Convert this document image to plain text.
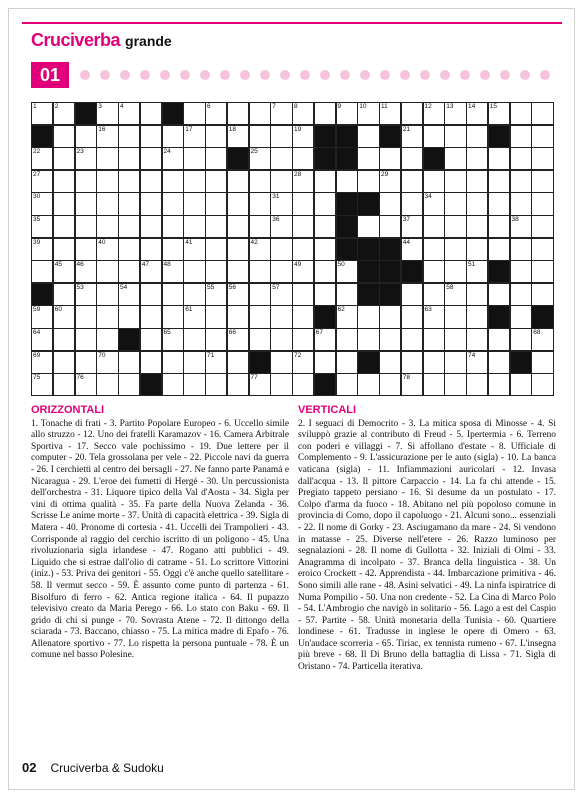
Cruciverba grande
01
1	2	3	4	6	7	8	9	10 11	12 13 14 15
16	17	18	19	21
22	23	24	25
27	28	29
30	31	34
35	36	37	38
39	40	41	42	44
45 46	47 48	49	50	51
53	54	55 56	57	58
59 60	61	62	63
64	65	66	67	68
69	70	71	72	74
75	76	77	78
ORIZZONTALI
1. Tonache di frati - 3. Partito Popolare Europeo - 6. Uccello simile allo struzzo - 12. Uno dei fratelli Karamazov - 16. Camera Arbitrale Sportiva - 17. Secco vale pochissimo - 19. Due lettere per il computer - 20. Tela grossolana per vele - 22. Piccole navi da guerra - 26. I cerchietti al centro dei bersagli - 27. Ne fanno parte Panamá e Nicaragua - 29. L'eroe dei fumetti di Hergé - 30. Un percussionista dell'orchestra - 31. Liquore tipico della Val d'Aosta - 34. Sigla per vini di ottima qualità - 35. Fa parte della Nuova Zelanda - 36. Scrisse Le anime morte - 37. Unità di capacità elettrica - 39. Sigla di Matera - 40. Pronome di cortesia - 41. Uccelli dei Trampolieri - 43. Corrisponde al raggio del cerchio iscritto di un poligono - 45. Una rivoluzionaria sigla irlandese - 47. Rogano atti pubblici - 49. Liquido che si estrae dall'olio di catrame - 51. Lo scrittore Vittorini (iniz.) - 53. Priva dei genitori - 55. Oggi c'è anche quello satellitare - 58. Il vermut secco - 59. È assunto come punto di partenza - 61. Bisolfuro di ferro - 62. Antica regione italica - 64. Il pupazzo televisivo creato da Maria Perego - 66. Lo stato con Baku - 69. Il grido di chi si punge - 70. Sovrasta Atene - 72. Il dittongo della sciarada - 73. Baccano, chiasso - 75. La mitica madre di Epafo - 76. Allenatore sportivo - 77. Lo rispetta la persona puntuale - 78. È un comune nel basso Polesine.
VERTICALI
2. I seguaci di Democrito - 3. La mitica sposa di Minosse - 4. Si sviluppò grazie al contributo di Freud - 5. Ipertermia - 6. Terreno con poderi e villaggi - 7. Si affollano d'estate - 8. Ufficiale di Complemento - 9. L'assicurazione per le auto (sigla) - 10. La banca vaticana (sigla) - 11. Infiammazioni auricolari - 12. Invasa dall'acqua - 13. Il pittore Carpaccio - 14. La fa chi attende - 15. Pregiato tappeto persiano - 16. Si desume da un postulato - 17. Colpo d'arma da fuoco - 18. Abitano nel più popoloso comune in provincia di Como, dopo il capoluogo - 21. Alcuni sono... essenziali - 22. Il nome di Gorky - 23. Asciugamano da mare - 24. Si vendono in matasse - 25. Diverse nell'etere - 26. Razzo luminoso per segnalazioni - 28. Il nome di Gullotta - 32. Iniziali di Olmi - 33. Anagramma di incolpato - 37. Branca della linguistica - 38. Un eroico Crockett - 42. Apprendista - 44. Imbarcazione primitiva - 46. Sono simili alle rane - 48. Asini selvatici - 49. La ninfa ispiratrice di Numa Pompilio - 50. Una non credente - 52. La Cina di Marco Polo - 54. L'Ambrogio che navigò in solitario - 56. Lago a est del Caspio - 57. Partite - 58. Unità monetaria della Tunisia - 60. Quartiere londinese - 61. Tradusse in inglese le opere di Omero - 63. Un'audace scorreria - 65. Tiriac, ex tennista rumeno - 67. L'insegna più breve - 68. Il Di Bruno della battaglia di Lissa - 71. Sigla di Oristano - 74. Particella iterativa.
02 Cruciverba & Sudoku
